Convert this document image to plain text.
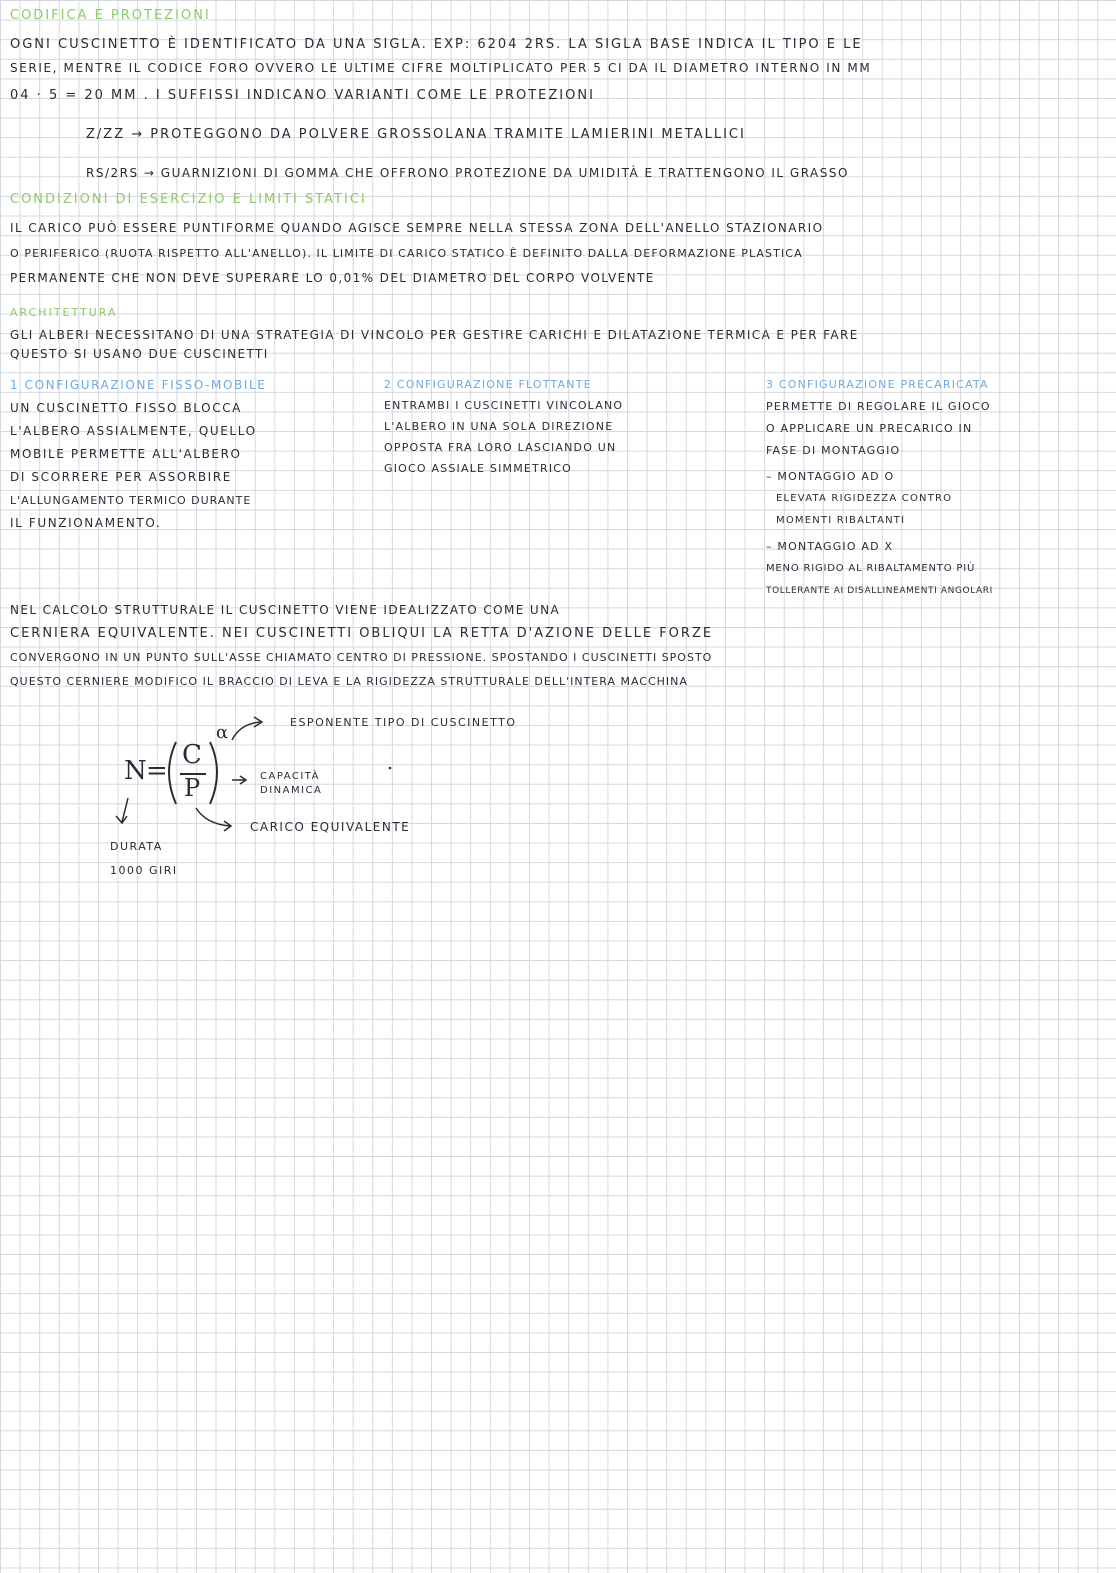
CODIFICA E PROTEZIONI

OGNI CUSCINETTO È IDENTIFICATO DA UNA SIGLA. EXP: 6204 2RS. LA SIGLA BASE INDICA IL TIPO E LE

SERIE, MENTRE IL CODICE FORO OVVERO LE ULTIME CIFRE MOLTIPLICATO PER 5 CI DA IL DIAMETRO INTERNO IN MM

04 · 5 = 20 MM . I SUFFISSI INDICANO VARIANTI COME LE PROTEZIONI

Z/ZZ → PROTEGGONO DA POLVERE GROSSOLANA TRAMITE LAMIERINI METALLICI
RS/2RS → GUARNIZIONI DI GOMMA CHE OFFRONO PROTEZIONE DA UMIDITÀ E TRATTENGONO IL GRASSO
CONDIZIONI DI ESERCIZIO E LIMITI STATICI

IL CARICO PUÒ ESSERE PUNTIFORME QUANDO AGISCE SEMPRE NELLA STESSA ZONA DELL'ANELLO STAZIONARIO

O PERIFERICO (RUOTA RISPETTO ALL'ANELLO). IL LIMITE DI CARICO STATICO È DEFINITO DALLA DEFORMAZIONE PLASTICA

PERMANENTE CHE NON DEVE SUPERARE LO 0,01% DEL DIAMETRO DEL CORPO VOLVENTE

ARCHITETTURA

GLI ALBERI NECESSITANO DI UNA STRATEGIA DI VINCOLO PER GESTIRE CARICHI E DILATAZIONE TERMICA E PER FARE

QUESTO SI USANO DUE CUSCINETTI

1 CONFIGURAZIONE FISSO-MOBILE

UN CUSCINETTO FISSO BLOCCA

L'ALBERO ASSIALMENTE, QUELLO

MOBILE PERMETTE ALL'ALBERO

DI SCORRERE PER ASSORBIRE

L'ALLUNGAMENTO TERMICO DURANTE

IL FUNZIONAMENTO.

2 CONFIGURAZIONE FLOTTANTE

ENTRAMBI I CUSCINETTI VINCOLANO

L'ALBERO IN UNA SOLA DIREZIONE

OPPOSTA FRA LORO LASCIANDO UN

GIOCO ASSIALE SIMMETRICO

3 CONFIGURAZIONE PRECARICATA

PERMETTE DI REGOLARE IL GIOCO

O APPLICARE UN PRECARICO IN

FASE DI MONTAGGIO

– MONTAGGIO AD O

ELEVATA RIGIDEZZA CONTRO

MOMENTI RIBALTANTI

– MONTAGGIO AD X

MENO RIGIDO AL RIBALTAMENTO PIÙ

TOLLERANTE AI DISALLINEAMENTI ANGOLARI

NEL CALCOLO STRUTTURALE IL CUSCINETTO VIENE IDEALIZZATO COME UNA

CERNIERA EQUIVALENTE. NEI CUSCINETTI OBLIQUI LA RETTA D'AZIONE DELLE FORZE

CONVERGONO IN UN PUNTO SULL'ASSE CHIAMATO CENTRO DI PRESSIONE. SPOSTANDO I CUSCINETTI SPOSTO

QUESTO CERNIERE MODIFICO IL BRACCIO DI LEVA E LA RIGIDEZZA STRUTTURALE DELL'INTERA MACCHINA

N =
C
P
α	ESPONENTE TIPO DI CUSCINETTO
CAPACITÀ DINAMICA
CARICO EQUIVALENTE
DURATA
1000 GIRI
